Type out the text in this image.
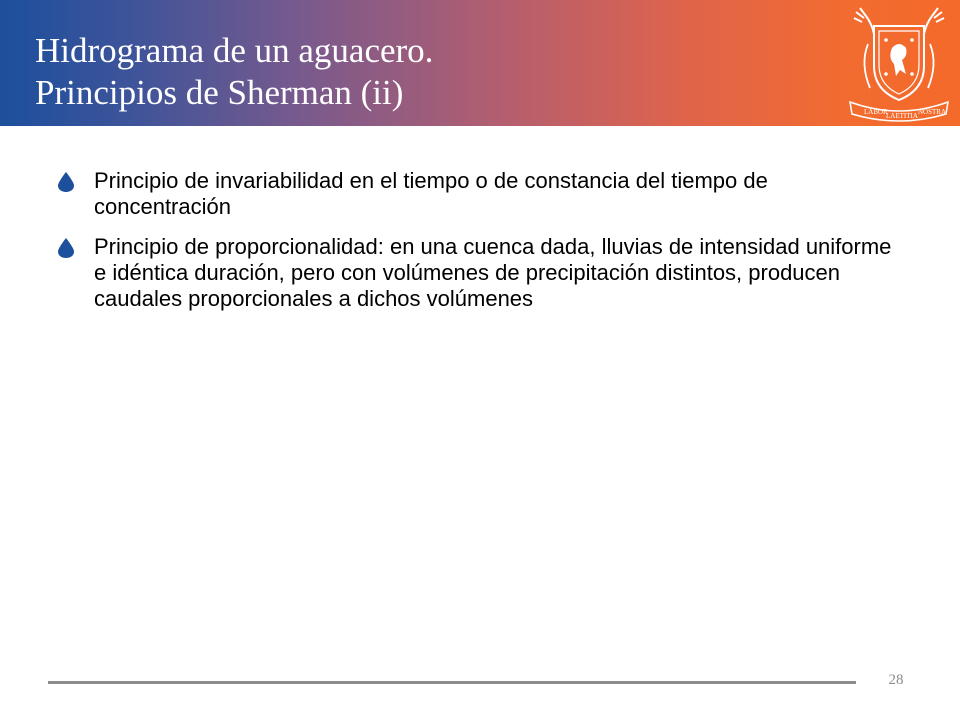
Hidrograma de un aguacero.
Principios de Sherman (ii)	LABOR
LAETITIA NOSTRA
Principio de invariabilidad en el tiempo o de constancia del tiempo de concentración
Principio de proporcionalidad: en una cuenca dada, lluvias de intensidad uniforme e idéntica duración, pero con volúmenes de precipitación distintos, producen caudales proporcionales a dichos volúmenes
28
